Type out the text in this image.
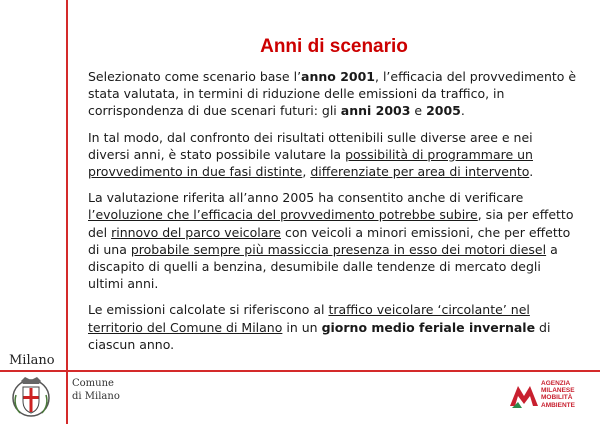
Anni di scenario

Selezionato come scenario base l’anno 2001, l’efficacia del provvedimento è stata valutata, in termini di riduzione delle emissioni da traffico, in corrispondenza di due scenari futuri: gli anni 2003 e 2005.

In tal modo, dal confronto dei risultati ottenibili sulle diverse aree e nei diversi anni, è stato possibile valutare la possibilità di programmare un provvedimento in due fasi distinte, differenziate per area di intervento.

La valutazione riferita all’anno 2005 ha consentito anche di verificare l’evoluzione che l’efficacia del provvedimento potrebbe subire, sia per effetto del rinnovo del parco veicolare con veicoli a minori emissioni, che per effetto di una probabile sempre più massiccia presenza in esso dei motori diesel a discapito di quelli a benzina, desumibile dalle tendenze di mercato degli ultimi anni.

Le emissioni calcolate si riferiscono al traffico veicolare ‘circolante’ nel territorio del Comune di Milano in un giorno medio feriale invernale di ciascun anno.

Milano
Comune
di Milano
AGENZIA
MILANESE
MOBILITÀ
AMBIENTE
